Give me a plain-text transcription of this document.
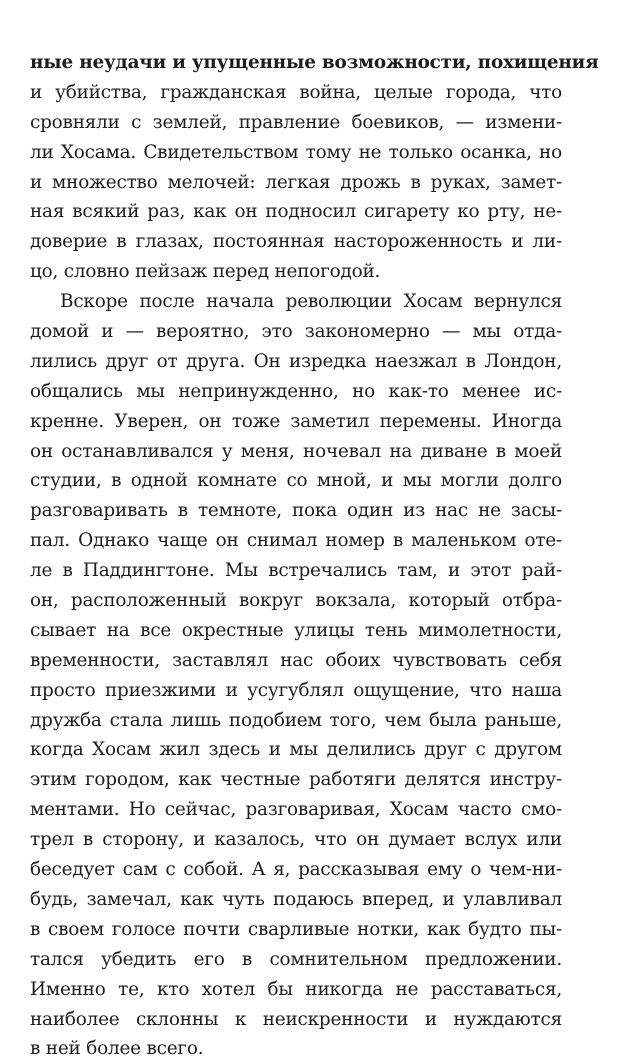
ные неудачи и упущенные возможности, похищения
и убийства, гражданская война, целые города, что
сровняли с землей, правление боевиков, — измени-
ли Хосама. Свидетельством тому не только осанка, но
и множество мелочей: легкая дрожь в руках, замет-
ная всякий раз, как он подносил сигарету ко рту, не-
доверие в глазах, постоянная настороженность и ли-
цо, словно пейзаж перед непогодой.
Вскоре после начала революции Хосам вернулся
домой и — вероятно, это закономерно — мы отда-
лились друг от друга. Он изредка наезжал в Лондон,
общались мы непринужденно, но как-то менее ис-
кренне. Уверен, он тоже заметил перемены. Иногда
он останавливался у меня, ночевал на диване в моей
студии, в одной комнате со мной, и мы могли долго
разговаривать в темноте, пока один из нас не засы-
пал. Однако чаще он снимал номер в маленьком оте-
ле в Паддингтоне. Мы встречались там, и этот рай-
он, расположенный вокруг вокзала, который отбра-
сывает на все окрестные улицы тень мимолетности,
временности, заставлял нас обоих чувствовать себя
просто приезжими и усугублял ощущение, что наша
дружба стала лишь подобием того, чем была раньше,
когда Хосам жил здесь и мы делились друг с другом
этим городом, как честные работяги делятся инстру-
ментами. Но сейчас, разговаривая, Хосам часто смо-
трел в сторону, и казалось, что он думает вслух или
беседует сам с собой. А я, рассказывая ему о чем-ни-
будь, замечал, как чуть подаюсь вперед, и улавливал
в своем голосе почти сварливые нотки, как будто пы-
тался убедить его в сомнительном предложении.
Именно те, кто хотел бы никогда не расставаться,
наиболее склонны к неискренности и нуждаются
в ней более всего.
